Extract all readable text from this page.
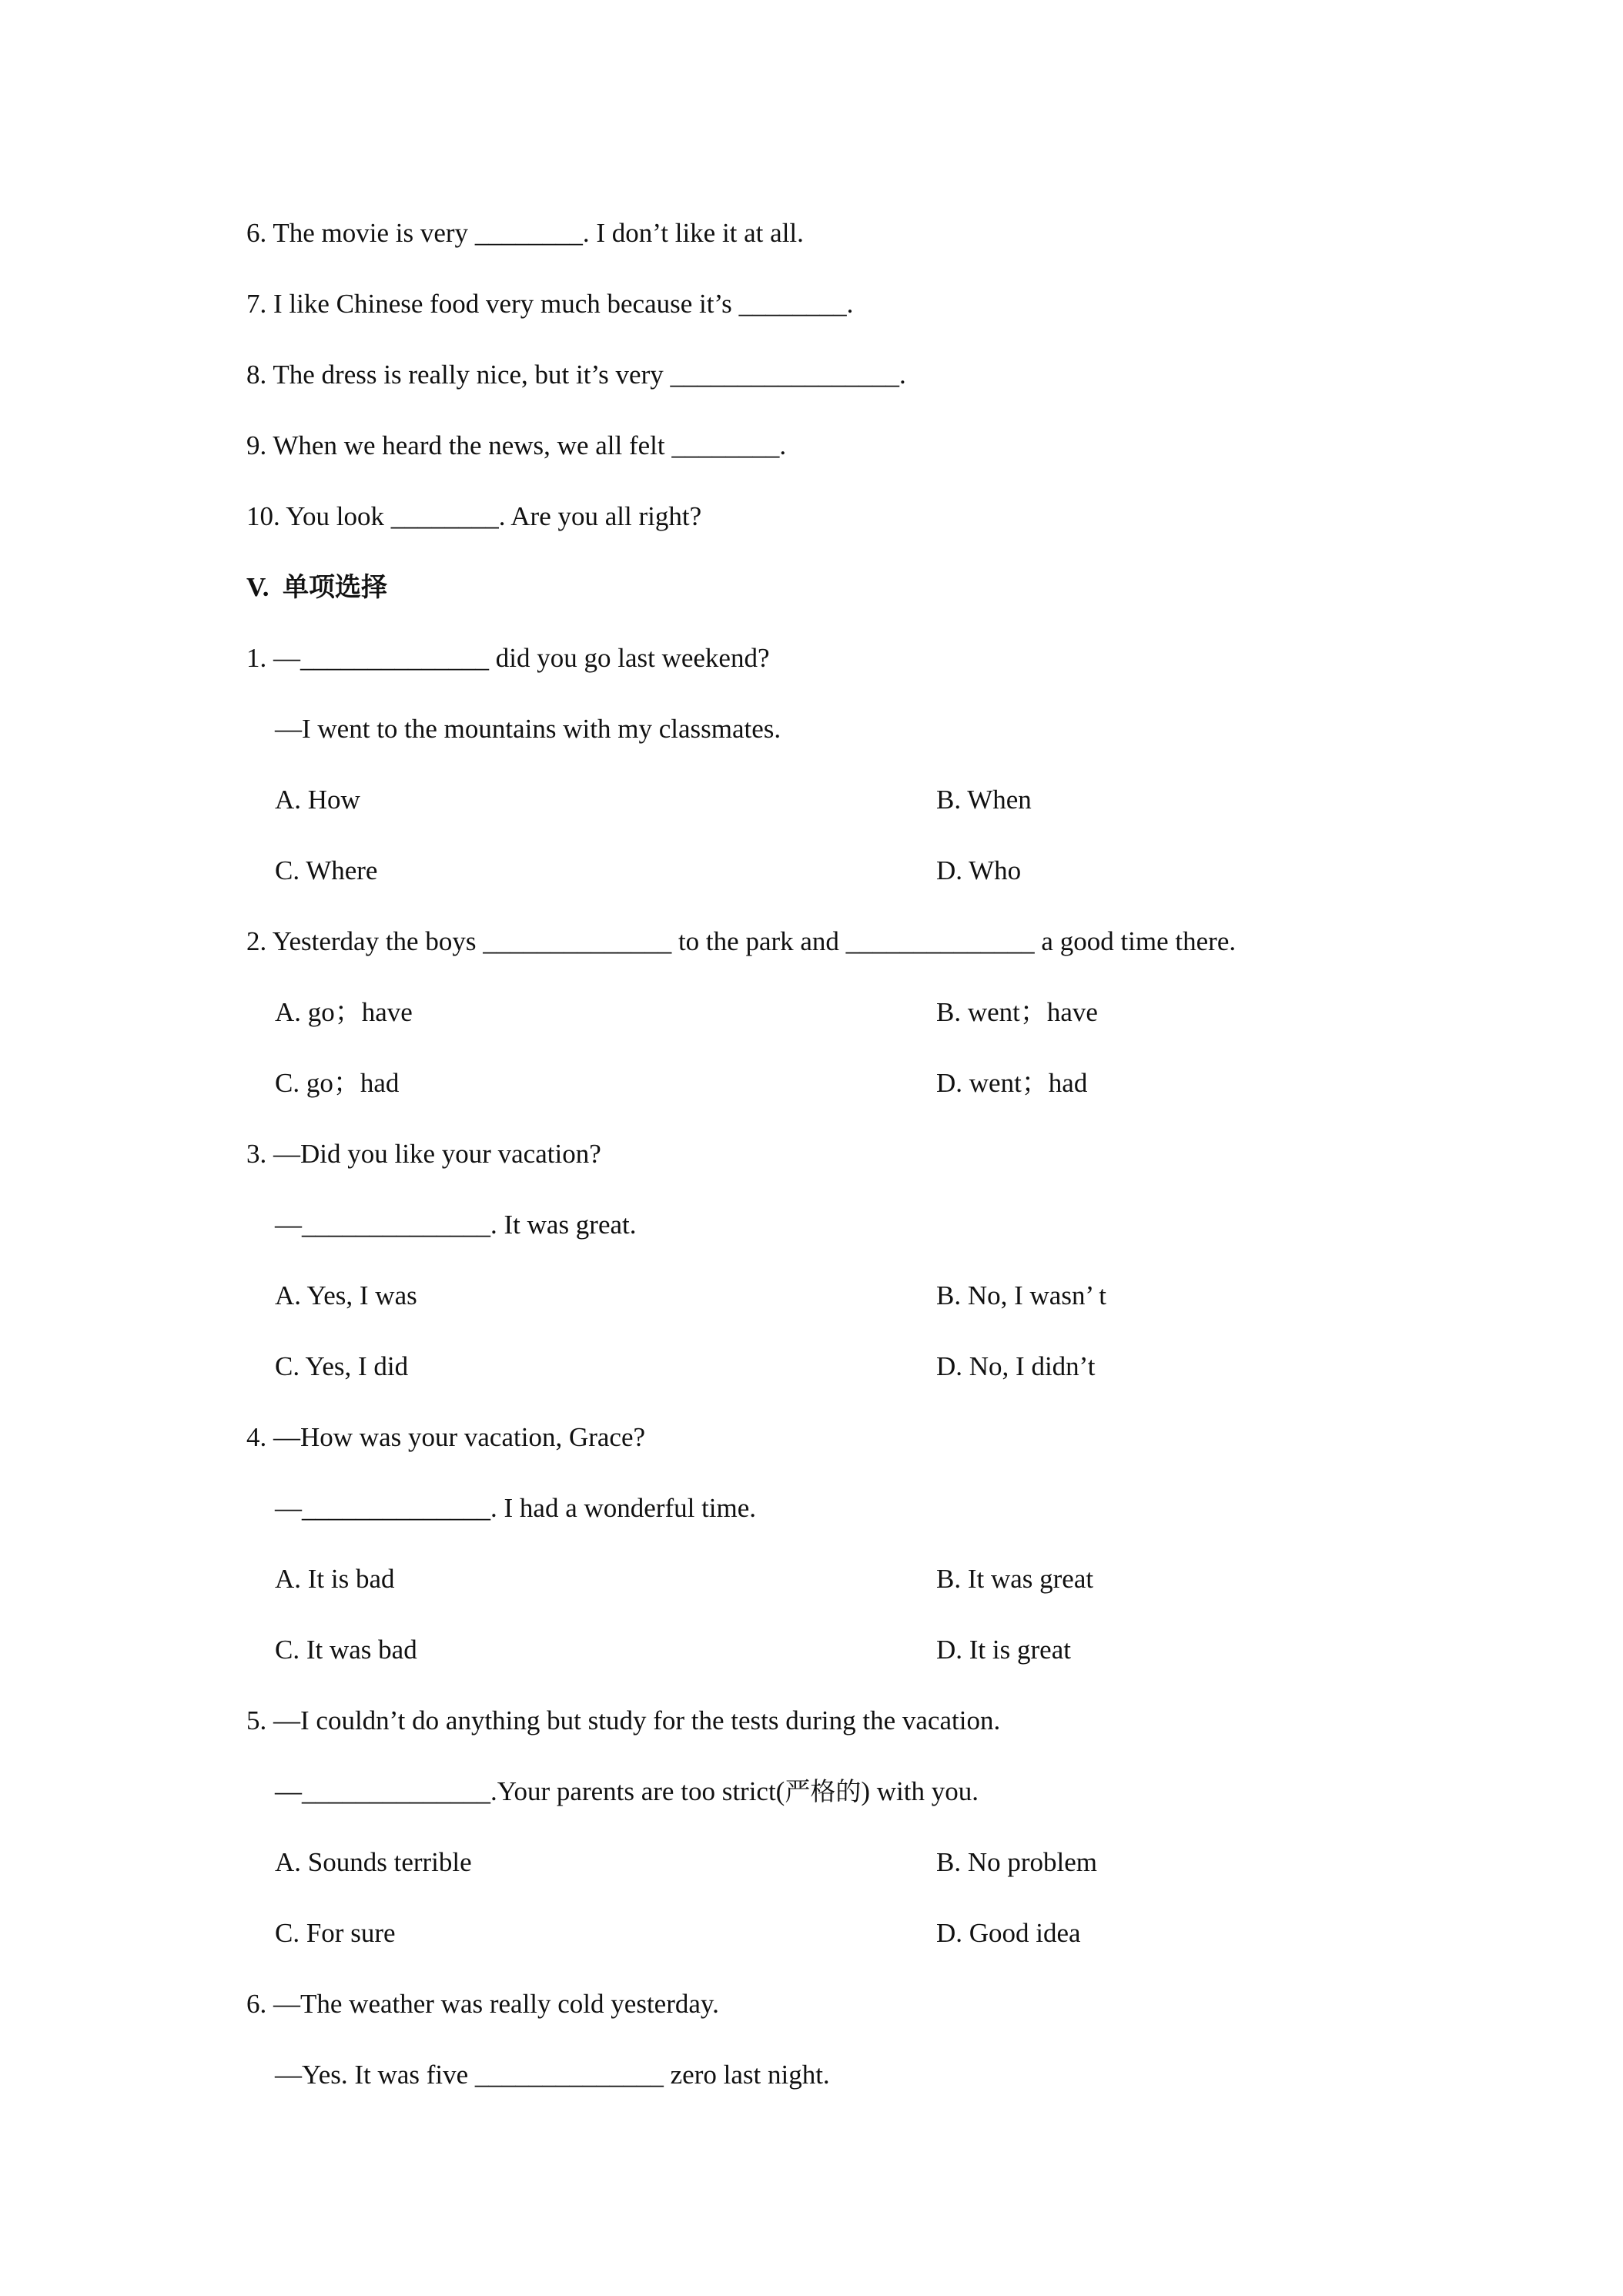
6. The movie is very ________. I don’t like it at all.
7. I like Chinese food very much because it’s ________.
8. The dress is really nice, but it’s very _________________.
9. When we heard the news, we all felt ________.
10. You look ________. Are you all right?
V. 单项选择
1. —______________ did you go last weekend?
—I went to the mountains with my classmates.

A. How

	B. When

C. Where

	D. Who

2. Yesterday the boys ______________ to the park and ______________ a good time there.

A. go；have

	B. went；have

C. go；had

	D. went；had

3. —Did you like your vacation?
—______________. It was great.

A. Yes, I was

	B. No, I wasn’ t

C. Yes, I did

	D. No, I didn’t

4. —How was your vacation, Grace?
—______________. I had a wonderful time.

A. It is bad

	B. It was great

C. It was bad

	D. It is great

5. —I couldn’t do anything but study for the tests during the vacation.
—______________.Your parents are too strict(严格的) with you.

A. Sounds terrible

	B. No problem

C. For sure

	D. Good idea

6. —The weather was really cold yesterday.
—Yes. It was five ______________ zero last night.
